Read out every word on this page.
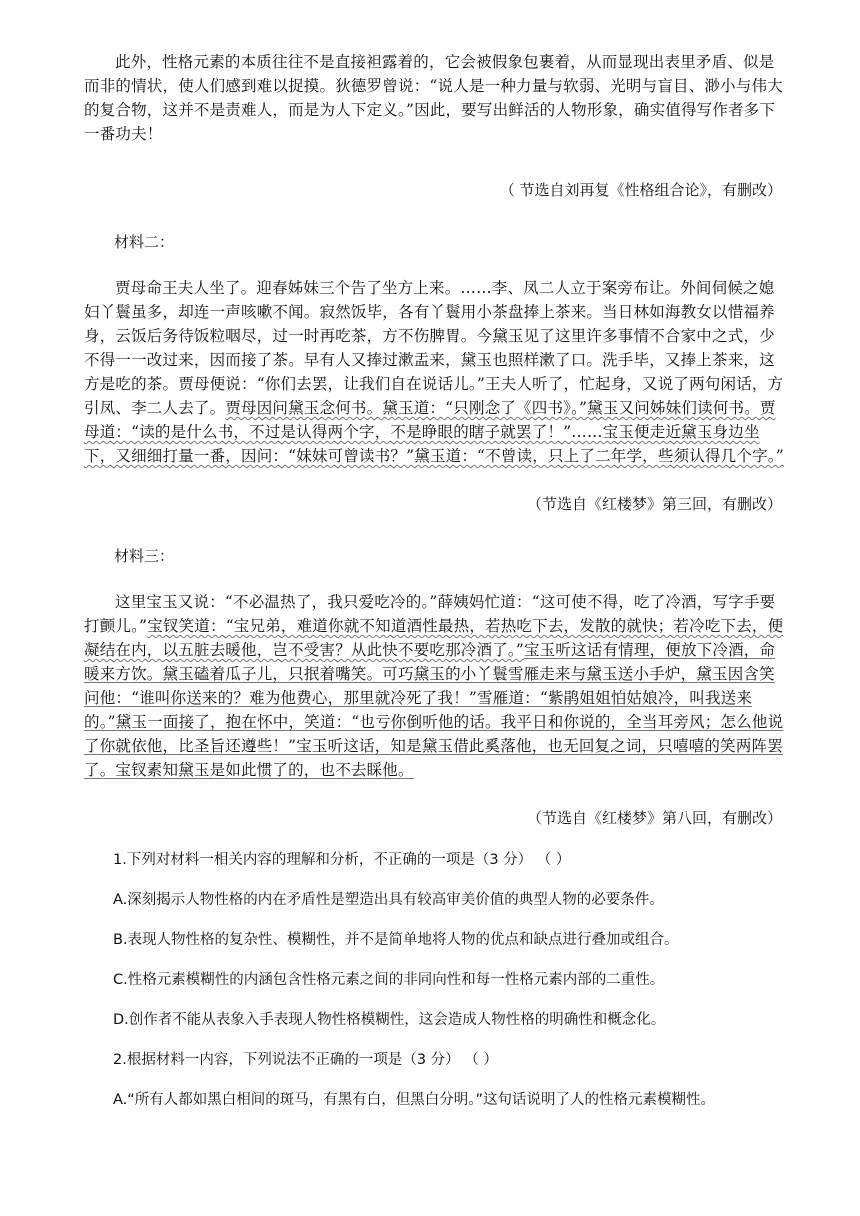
此外，性格元素的本质往往不是直接袒露着的，它会被假象包裹着，从而显现出表里矛盾、似是而非的情状，使人们感到难以捉摸。狄德罗曾说：“说人是一种力量与软弱、光明与盲目、渺小与伟大的复合物，这并不是责难人，而是为人下定义。”因此，要写出鲜活的人物形象，确实值得写作者多下一番功夫！

（ 节选自刘再复《性格组合论》，有删改）

材料二：

贾母命王夫人坐了。迎春姊妹三个告了坐方上来。……李、凤二人立于案旁布让。外间伺候之媳妇丫鬟虽多，却连一声咳嗽不闻。寂然饭毕，各有丫鬟用小茶盘捧上茶来。当日林如海教女以惜福养身，云饭后务待饭粒咽尽，过一时再吃茶，方不伤脾胃。今黛玉见了这里许多事情不合家中之式，少不得一一改过来，因而接了茶。早有人又捧过漱盂来，黛玉也照样漱了口。洗手毕，又捧上茶来，这方是吃的茶。贾母便说：“你们去罢，让我们自在说话儿。”王夫人听了，忙起身，又说了两句闲话，方引凤、李二人去了。贾母因问黛玉念何书。黛玉道：“只刚念了《四书》。”黛玉又问姊妹们读何书。贾母道：“读的是什么书，不过是认得两个字，不是睁眼的瞎子就罢了！”……宝玉便走近黛玉身边坐下，又细细打量一番，因问：“妹妹可曾读书？”黛玉道：“不曾读，只上了二年学，些须认得几个字。”

（节选自《红楼梦》第三回，有删改）

材料三：

这里宝玉又说：“不必温热了，我只爱吃冷的。”薛姨妈忙道：“这可使不得，吃了冷酒，写字手要打颤儿。”宝钗笑道：“宝兄弟，难道你就不知道酒性最热，若热吃下去，发散的就快；若冷吃下去，便凝结在内，以五脏去暖他，岂不受害？从此快不要吃那冷酒了。”宝玉听这话有情理，便放下冷酒，命暖来方饮。黛玉磕着瓜子儿，只抿着嘴笑。可巧黛玉的小丫鬟雪雁走来与黛玉送小手炉，黛玉因含笑问他：“谁叫你送来的？难为他费心，那里就冷死了我！”雪雁道：“紫鹃姐姐怕姑娘冷，叫我送来的。”黛玉一面接了，抱在怀中，笑道：“也亏你倒听他的话。我平日和你说的，全当耳旁风；怎么他说了你就依他，比圣旨还遵些！”宝玉听这话，知是黛玉借此奚落他，也无回复之词，只嘻嘻的笑两阵罢了。宝钗素知黛玉是如此惯了的，也不去睬他。

（节选自《红楼梦》第八回，有删改）

1.下列对材料一相关内容的理解和分析，不正确的一项是（3 分） （ ）

A.深刻揭示人物性格的内在矛盾性是塑造出具有较高审美价值的典型人物的必要条件。

B.表现人物性格的复杂性、模糊性，并不是简单地将人物的优点和缺点进行叠加或组合。

C.性格元素模糊性的内涵包含性格元素之间的非同向性和每一性格元素内部的二重性。

D.创作者不能从表象入手表现人物性格模糊性，这会造成人物性格的明确性和概念化。

2.根据材料一内容，下列说法不正确的一项是（3 分） （ ）

A.“所有人都如黑白相间的斑马，有黑有白，但黑白分明。”这句话说明了人的性格元素模糊性。
